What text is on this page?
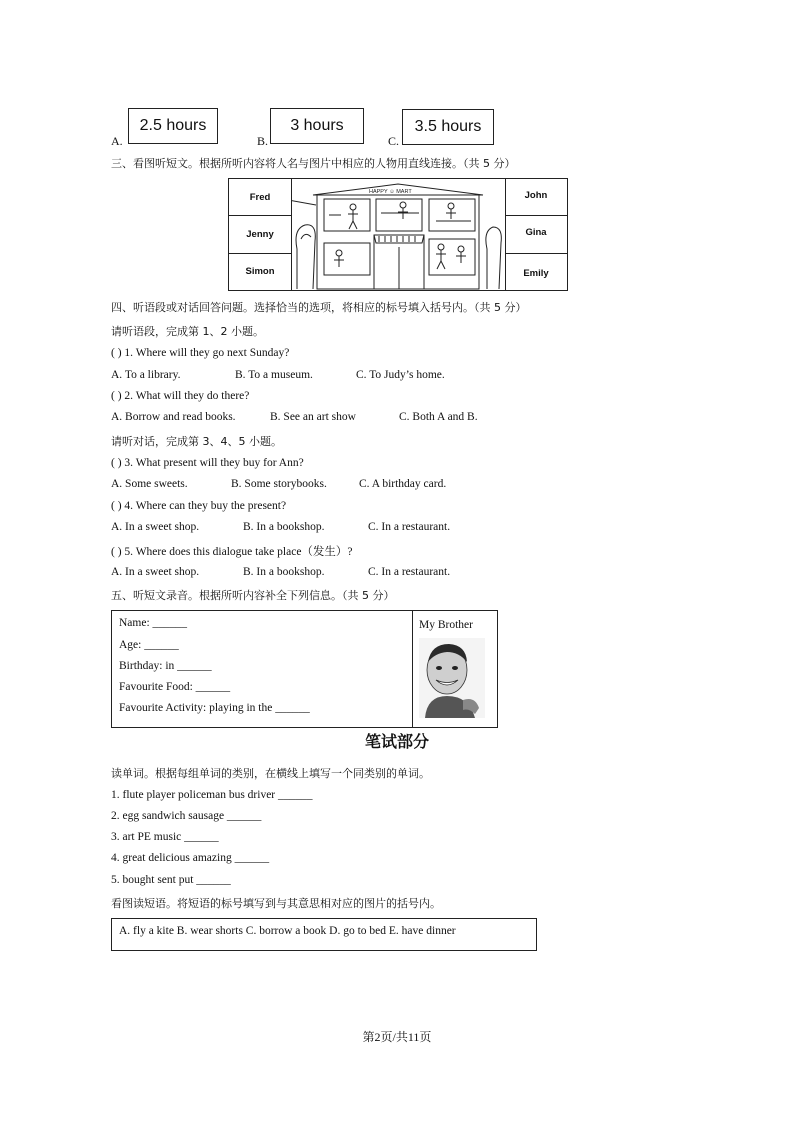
A.
2.5 hours
B.
3 hours
C.
3.5 hours
三、看图听短文。根据所听内容将人名与图片中相应的人物用直线连接。（共 5 分）
Fred
Jenny
Simon
John
Gina
Emily
HAPPY ☺ MART
四、听语段或对话回答问题。选择恰当的选项，将相应的标号填入括号内。（共 5 分）
请听语段，完成第 1、2 小题。
( ) 1. Where will they go next Sunday?
A. To a library.	B. To a museum.	C. To Judy’s home.
( ) 2. What will they do there?
A. Borrow and read books.	B. See an art show	C. Both A and B.
请听对话，完成第 3、4、5 小题。
( ) 3. What present will they buy for Ann?
A. Some sweets.	B. Some storybooks.	C. A birthday card.
( ) 4. Where can they buy the present?
A. In a sweet shop.	B. In a bookshop.	C. In a restaurant.
( ) 5. Where does this dialogue take place（发生）?
A. In a sweet shop.	B. In a bookshop.	C. In a restaurant.
五、听短文录音。根据所听内容补全下列信息。（共 5 分）
Name: ______
Age: ______
Birthday: in ______
Favourite Food: ______
Favourite Activity: playing in the ______
My Brother
笔试部分
读单词。根据每组单词的类别，在横线上填写一个同类别的单词。
1. flute player policeman bus driver ______
2. egg sandwich sausage ______
3. art PE music ______
4. great delicious amazing ______
5. bought sent put ______
看图读短语。将短语的标号填写到与其意思相对应的图片的括号内。
A. fly a kite B. wear shorts C. borrow a book D. go to bed E. have dinner
第2页/共11页
